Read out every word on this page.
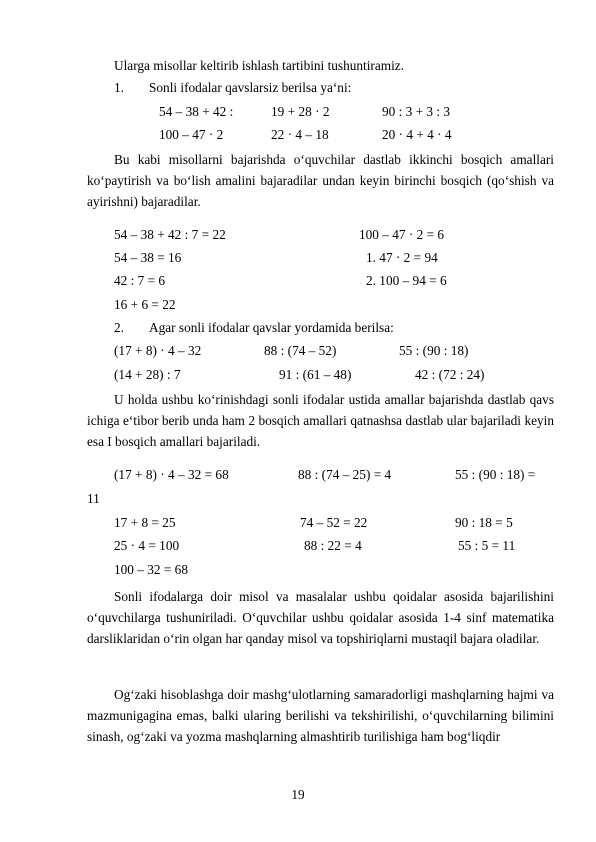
Ularga misollar keltirib ishlash tartibini tushuntiramiz.
1. Sonli ifodalar qavslarsiz berilsa ya‘ni:
54 – 38 + 42 :	19 + 28 · 2	90 : 3 + 3 : 3
100 – 47 · 2	22 · 4 – 18	20 · 4 + 4 · 4
Bu kabi misollarni bajarishda o‘quvchilar dastlab ikkinchi bosqich amallari ko‘paytirish va bo‘lish amalini bajaradilar undan keyin birinchi bosqich (qo‘shish va ayirishni) bajaradilar.
54 – 38 + 42 : 7 = 22
54 – 38 = 16
42 : 7 = 6
16 + 6 = 22
100 – 47 · 2 = 6
1. 47 · 2 = 94
2. 100 – 94 = 6
2. Agar sonli ifodalar qavslar yordamida berilsa:
(17 + 8) · 4 – 32	88 : (74 – 52)	55 : (90 : 18)
(14 + 28) : 7	91 : (61 – 48)	42 : (72 : 24)
U holda ushbu ko‘rinishdagi sonli ifodalar ustida amallar bajarishda dastlab qavs ichiga e‘tibor berib unda ham 2 bosqich amallari qatnashsa dastlab ular bajariladi keyin esa I bosqich amallari bajariladi.
(17 + 8) · 4 – 32 = 68	88 : (74 – 25) = 4	55 : (90 : 18) =
11
17 + 8 = 25	74 – 52 = 22	90 : 18 = 5
25 · 4 = 100	88 : 22 = 4	55 : 5 = 11
100 – 32 = 68
Sonli ifodalarga doir misol va masalalar ushbu qoidalar asosida bajarilishini o‘quvchilarga tushuniriladi. O‘quvchilar ushbu qoidalar asosida 1-4 sinf matematika darsliklaridan o‘rin olgan har qanday misol va topshiriqlarni mustaqil bajara oladilar.
Og‘zaki hisoblashga doir mashg‘ulotlarning samaradorligi mashqlarning hajmi va mazmunigagina emas, balki ularing berilishi va tekshirilishi, o‘quvchilarning bilimini sinash, og‘zaki va yozma mashqlarning almashtirib turilishiga ham bog‘liqdir
19
